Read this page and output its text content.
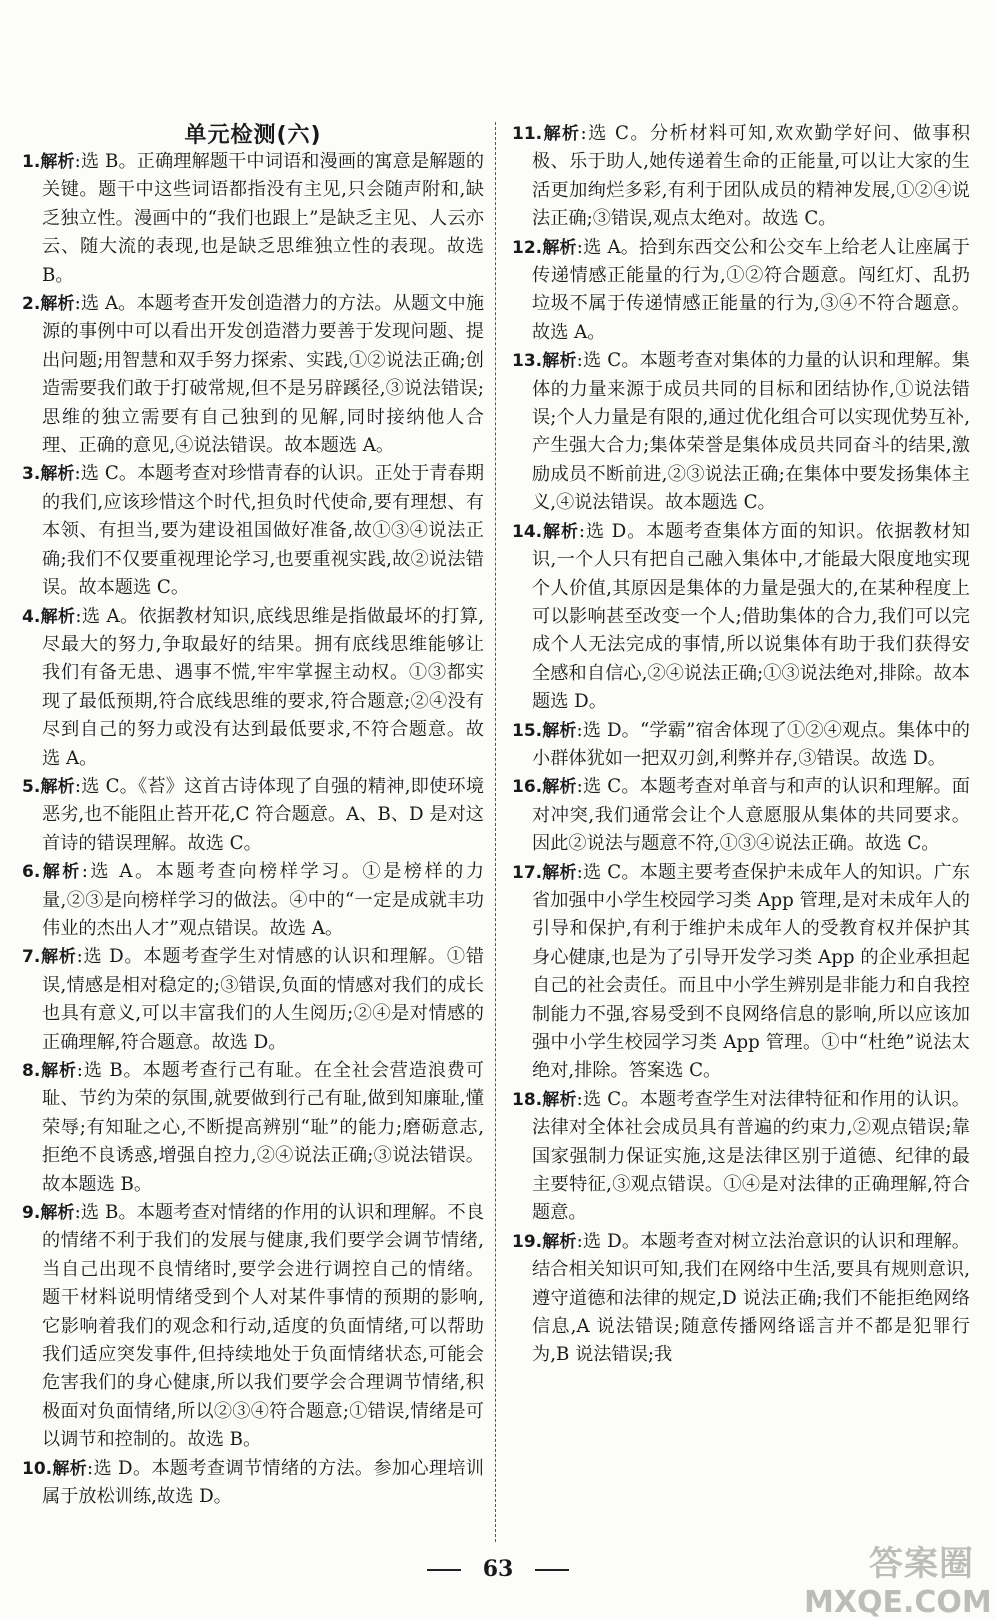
单元检测(六)

1.解析:选 B。正确理解题干中词语和漫画的寓意是解题的关键。题干中这些词语都指没有主见,只会随声附和,缺乏独立性。漫画中的“我们也跟上”是缺乏主见、人云亦云、随大流的表现,也是缺乏思维独立性的表现。故选 B。

2.解析:选 A。本题考查开发创造潜力的方法。从题文中施源的事例中可以看出开发创造潜力要善于发现问题、提出问题;用智慧和双手努力探索、实践,①②说法正确;创造需要我们敢于打破常规,但不是另辟蹊径,③说法错误;思维的独立需要有自己独到的见解,同时接纳他人合理、正确的意见,④说法错误。故本题选 A。

3.解析:选 C。本题考查对珍惜青春的认识。正处于青春期的我们,应该珍惜这个时代,担负时代使命,要有理想、有本领、有担当,要为建设祖国做好准备,故①③④说法正确;我们不仅要重视理论学习,也要重视实践,故②说法错误。故本题选 C。

4.解析:选 A。依据教材知识,底线思维是指做最坏的打算,尽最大的努力,争取最好的结果。拥有底线思维能够让我们有备无患、遇事不慌,牢牢掌握主动权。①③都实现了最低预期,符合底线思维的要求,符合题意;②④没有尽到自己的努力或没有达到最低要求,不符合题意。故选 A。

5.解析:选 C。《苔》这首古诗体现了自强的精神,即使环境恶劣,也不能阻止苔开花,C 符合题意。A、B、D 是对这首诗的错误理解。故选 C。

6.解析:选 A。本题考查向榜样学习。①是榜样的力量,②③是向榜样学习的做法。④中的“一定是成就丰功伟业的杰出人才”观点错误。故选 A。

7.解析:选 D。本题考查学生对情感的认识和理解。①错误,情感是相对稳定的;③错误,负面的情感对我们的成长也具有意义,可以丰富我们的人生阅历;②④是对情感的正确理解,符合题意。故选 D。

8.解析:选 B。本题考查行己有耻。在全社会营造浪费可耻、节约为荣的氛围,就要做到行己有耻,做到知廉耻,懂荣辱;有知耻之心,不断提高辨别“耻”的能力;磨砺意志,拒绝不良诱惑,增强自控力,②④说法正确;③说法错误。故本题选 B。

9.解析:选 B。本题考查对情绪的作用的认识和理解。不良的情绪不利于我们的发展与健康,我们要学会调节情绪,当自己出现不良情绪时,要学会进行调控自己的情绪。题干材料说明情绪受到个人对某件事情的预期的影响,它影响着我们的观念和行动,适度的负面情绪,可以帮助我们适应突发事件,但持续地处于负面情绪状态,可能会危害我们的身心健康,所以我们要学会合理调节情绪,积极面对负面情绪,所以②③④符合题意;①错误,情绪是可以调节和控制的。故选 B。

10.解析:选 D。本题考查调节情绪的方法。参加心理培训属于放松训练,故选 D。

11.解析:选 C。分析材料可知,欢欢勤学好问、做事积极、乐于助人,她传递着生命的正能量,可以让大家的生活更加绚烂多彩,有利于团队成员的精神发展,①②④说法正确;③错误,观点太绝对。故选 C。

12.解析:选 A。拾到东西交公和公交车上给老人让座属于传递情感正能量的行为,①②符合题意。闯红灯、乱扔垃圾不属于传递情感正能量的行为,③④不符合题意。故选 A。

13.解析:选 C。本题考查对集体的力量的认识和理解。集体的力量来源于成员共同的目标和团结协作,①说法错误;个人力量是有限的,通过优化组合可以实现优势互补,产生强大合力;集体荣誉是集体成员共同奋斗的结果,激励成员不断前进,②③说法正确;在集体中要发扬集体主义,④说法错误。故本题选 C。

14.解析:选 D。本题考查集体方面的知识。依据教材知识,一个人只有把自己融入集体中,才能最大限度地实现个人价值,其原因是集体的力量是强大的,在某种程度上可以影响甚至改变一个人;借助集体的合力,我们可以完成个人无法完成的事情,所以说集体有助于我们获得安全感和自信心,②④说法正确;①③说法绝对,排除。故本题选 D。

15.解析:选 D。“学霸”宿舍体现了①②④观点。集体中的小群体犹如一把双刃剑,利弊并存,③错误。故选 D。

16.解析:选 C。本题考查对单音与和声的认识和理解。面对冲突,我们通常会让个人意愿服从集体的共同要求。因此②说法与题意不符,①③④说法正确。故选 C。

17.解析:选 C。本题主要考查保护未成年人的知识。广东省加强中小学生校园学习类 App 管理,是对未成年人的引导和保护,有利于维护未成年人的受教育权并保护其身心健康,也是为了引导开发学习类 App 的企业承担起自己的社会责任。而且中小学生辨别是非能力和自我控制能力不强,容易受到不良网络信息的影响,所以应该加强中小学生校园学习类 App 管理。①中“杜绝”说法太绝对,排除。答案选 C。

18.解析:选 C。本题考查学生对法律特征和作用的认识。法律对全体社会成员具有普遍的约束力,②观点错误;靠国家强制力保证实施,这是法律区别于道德、纪律的最主要特征,③观点错误。①④是对法律的正确理解,符合题意。

19.解析:选 D。本题考查对树立法治意识的认识和理解。结合相关知识可知,我们在网络中生活,要具有规则意识,遵守道德和法律的规定,D 说法正确;我们不能拒绝网络信息,A 说法错误;随意传播网络谣言并不都是犯罪行为,B 说法错误;我

63	答案圈
MXQE.COM
